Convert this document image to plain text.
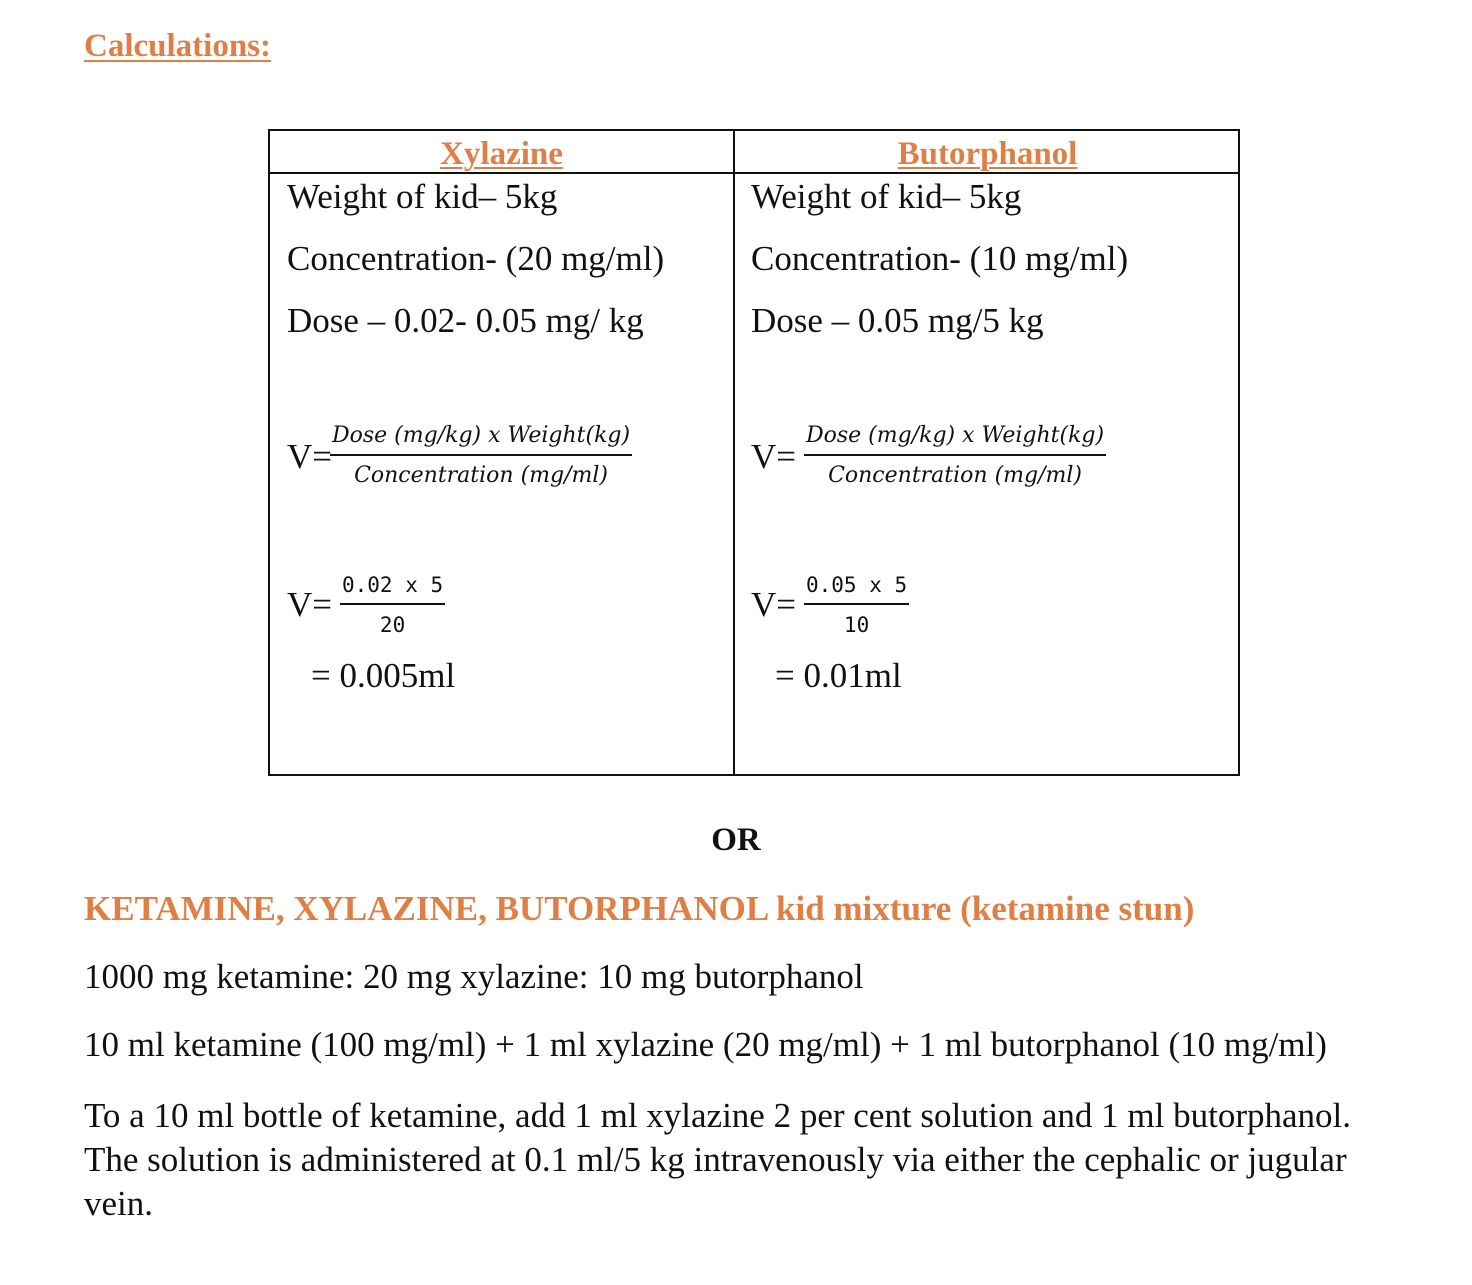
Calculations:
Xylazine	Butorphanol
Weight of kid– 5kg
Concentration- (20 mg/ml)
Dose – 0.02- 0.05 mg/ kg
V=
Dose (mg/kg) x Weight(kg)
Concentration (mg/ml)
$V= \frac{0.02 x 5}{20}$
= 0.005ml
Weight of kid– 5kg
Concentration- (10 mg/ml)
Dose – 0.05 mg/5 kg
V=
Dose (mg/kg) x Weight(kg)
Concentration (mg/ml)
$V= \frac{0.05 x 5}{10}$
= 0.01ml
OR
KETAMINE, XYLAZINE, BUTORPHANOL kid mixture (ketamine stun)
1000 mg ketamine: 20 mg xylazine: 10 mg butorphanol
10 ml ketamine (100 mg/ml) + 1 ml xylazine (20 mg/ml) + 1 ml butorphanol (10 mg/ml)
To a 10 ml bottle of ketamine, add 1 ml xylazine 2 per cent solution and 1 ml butorphanol. The solution is administered at 0.1 ml/5 kg intravenously via either the cephalic or jugular vein.
